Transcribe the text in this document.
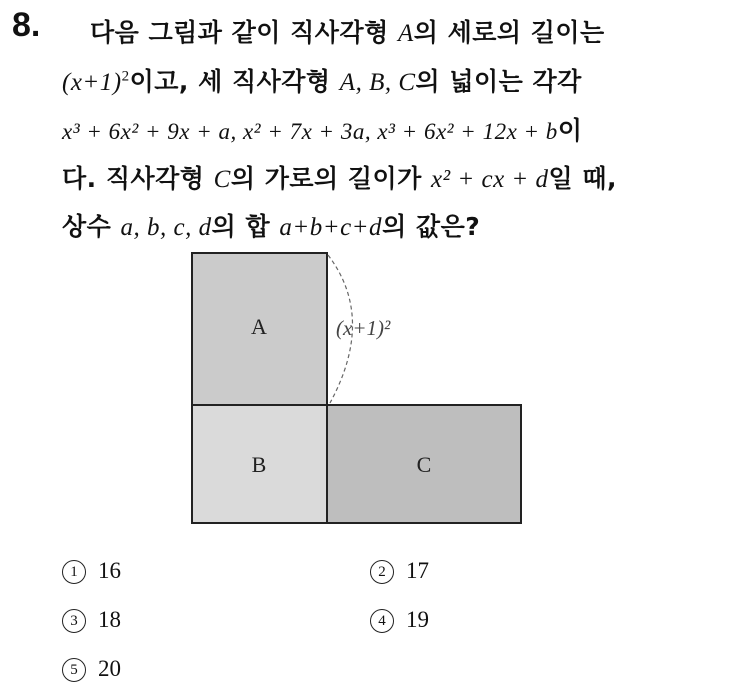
8. 다음 그림과 같이 직사각형 A의 세로의 길이는
$(x+1)^2$이고, 세 직사각형 A, B, C의 넓이는 각각
x³ + 6x² + 9x + a, x² + 7x + 3a, x³ + 6x² + 12x + b이
다. 직사각형 C의 가로의 길이가 x² + cx + d일 때,
상수 a, b, c, d의 합 a+b+c+d의 값은?
A
B	C
(x+1)²
1 16	2 17
3 18	4 19
5 20
